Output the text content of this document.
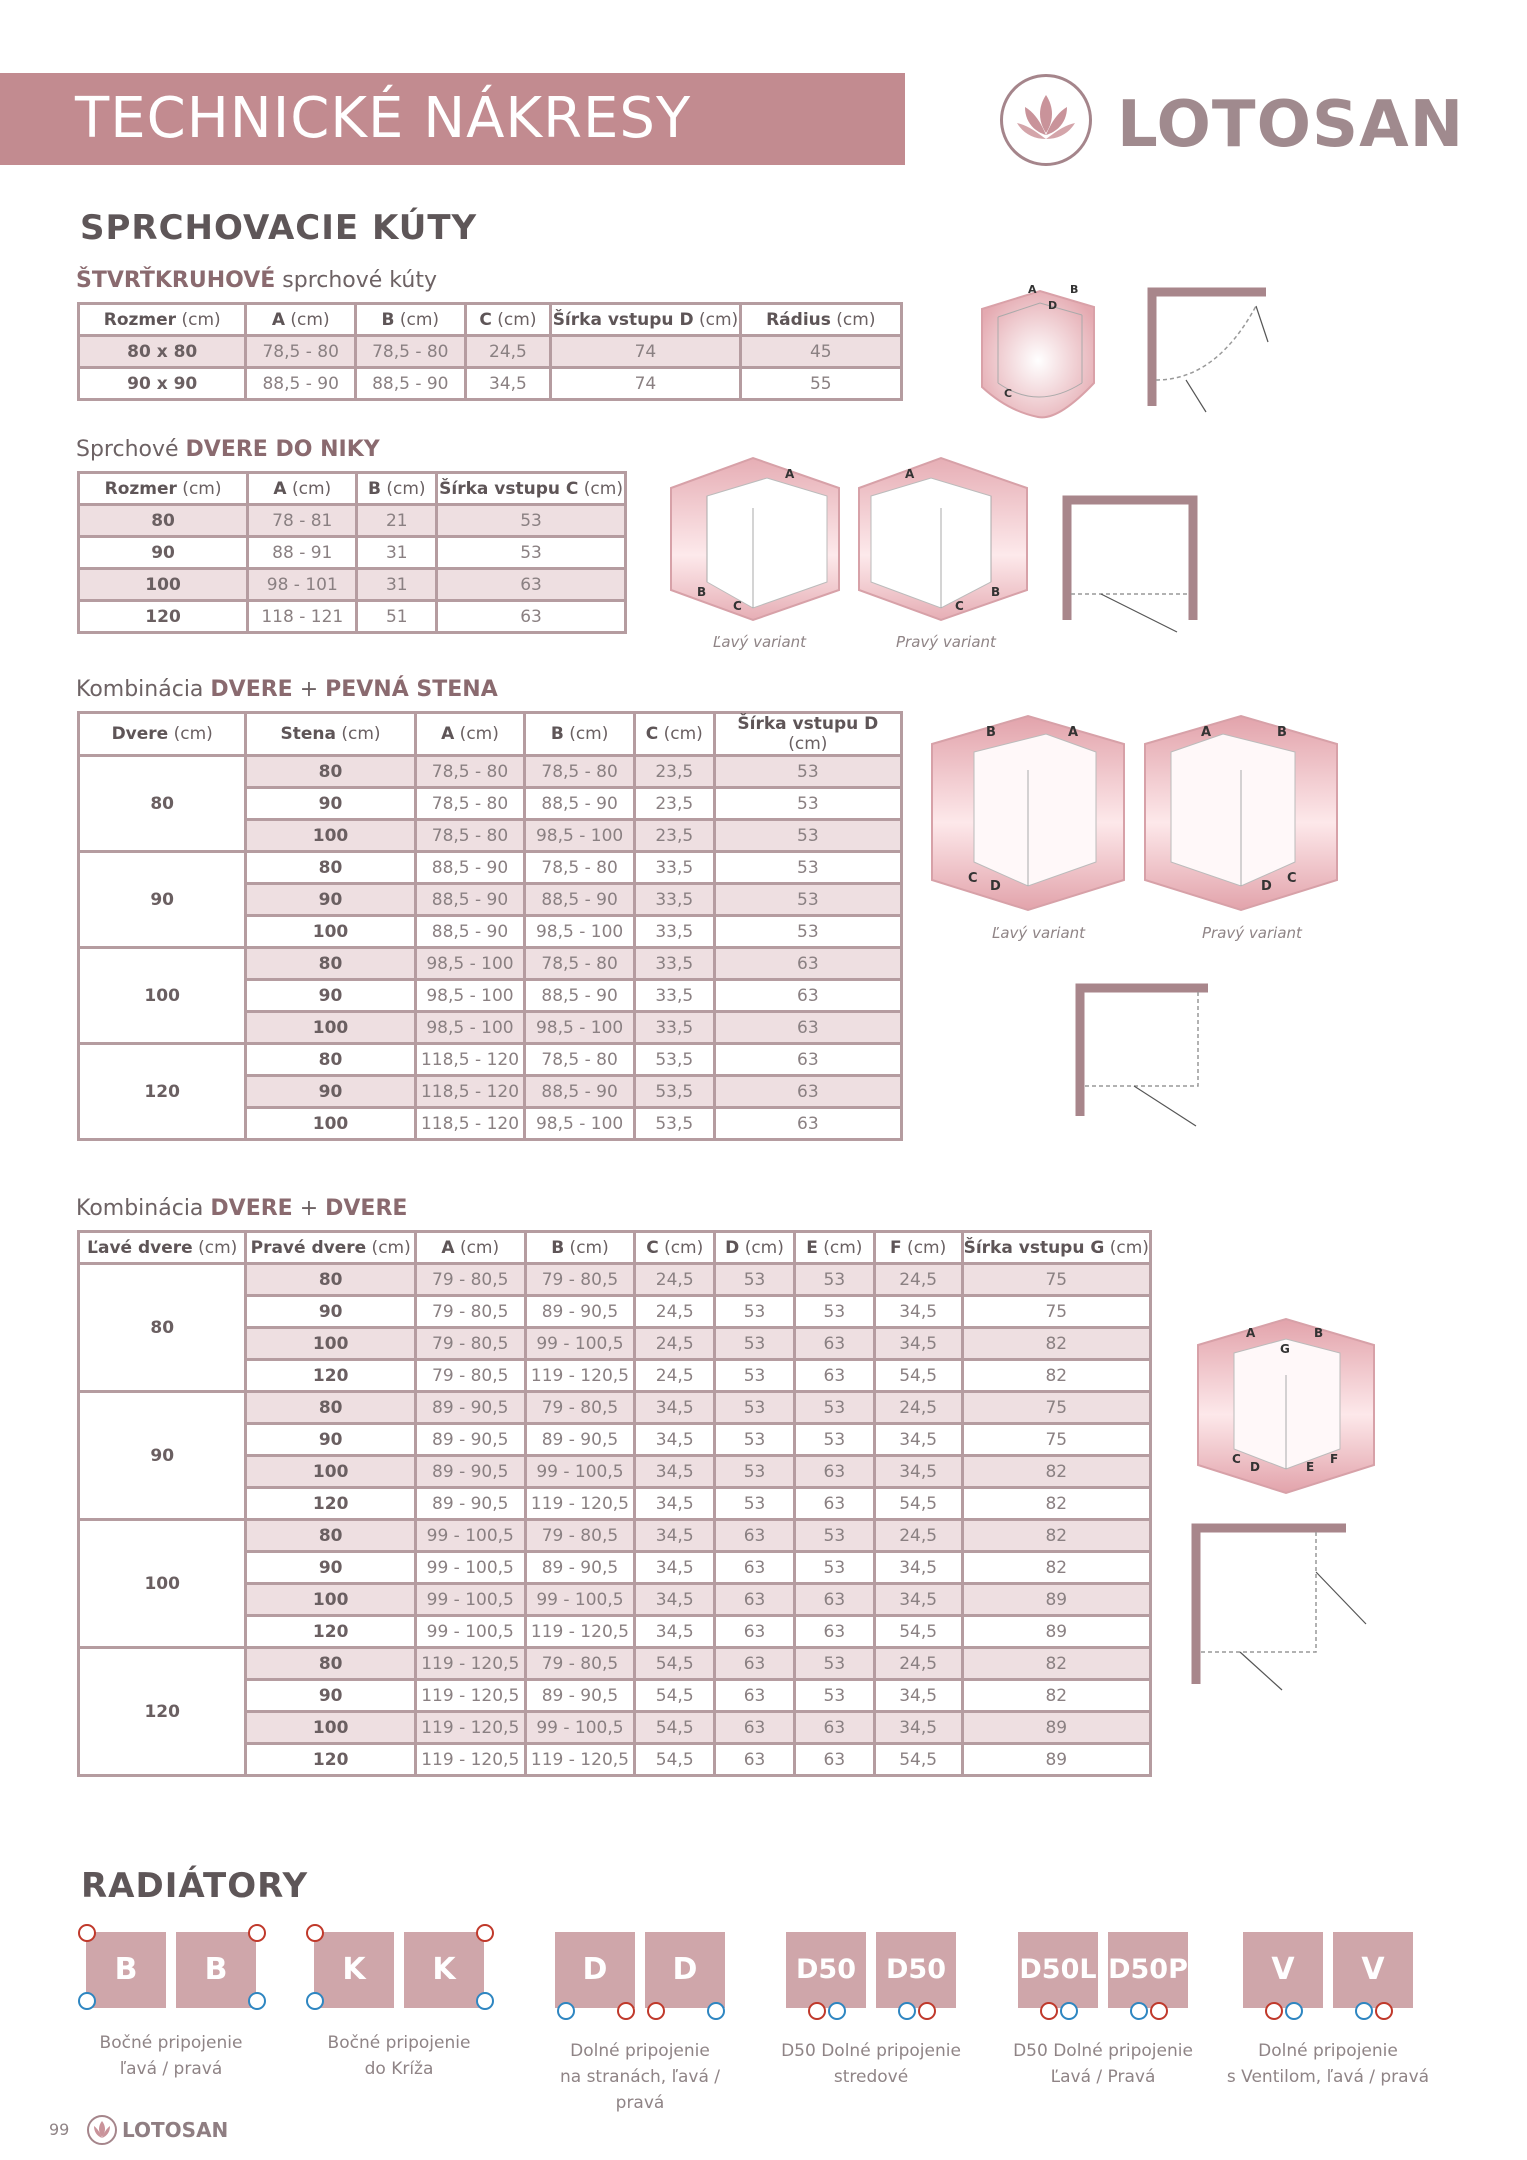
TECHNICKÉ NÁKRESY	LOTOSAN
SPRCHOVACIE KÚTY
ŠTVRŤKRUHOVÉ sprchové kúty
Rozmer (cm)	A (cm)	B (cm)	C (cm)	Šírka vstupu D (cm)	Rádius (cm)
80 x 80	78,5 - 80	78,5 - 80	24,5	74	45
90 x 90	88,5 - 90	88,5 - 90	34,5	74	55
A	B
D
C
Sprchové DVERE DO NIKY
Rozmer (cm)	A (cm)	B (cm)	Šírka vstupu C (cm)
80	78 - 81	21	53
90	88 - 91	31	53
100	98 - 101	31	63
120	118 - 121	51	63
A
B
C
A
C
B
Ľavý variant	Pravý variant
Kombinácia DVERE + PEVNÁ STENA
Dvere (cm)	Stena (cm)	A (cm)	B (cm)	C (cm)	Šírka vstupu D (cm)
80	80	78,5 - 80	78,5 - 80	23,5	53
	90	78,5 - 80	88,5 - 90	23,5	53
	100	78,5 - 80	98,5 - 100	23,5	53
90	80	88,5 - 90	78,5 - 80	33,5	53
	90	88,5 - 90	88,5 - 90	33,5	53
	100	88,5 - 90	98,5 - 100	33,5	53
100	80	98,5 - 100	78,5 - 80	33,5	63
	90	98,5 - 100	88,5 - 90	33,5	63
	100	98,5 - 100	98,5 - 100	33,5	63
120	80	118,5 - 120	78,5 - 80	53,5	63
	90	118,5 - 120	88,5 - 90	53,5	63
	100	118,5 - 120	98,5 - 100	53,5	63
B	A
C
D
A	B
D
C
Ľavý variant	Pravý variant
Kombinácia DVERE + DVERE
Ľavé dvere (cm)	Pravé dvere (cm)	A (cm)	B (cm)	C (cm)	D (cm)	E (cm)	F (cm)	Šírka vstupu G (cm)
80	80	79 - 80,5	79 - 80,5	24,5	53	53	24,5	75
	90	79 - 80,5	89 - 90,5	24,5	53	53	34,5	75
	100	79 - 80,5	99 - 100,5	24,5	53	63	34,5	82
	120	79 - 80,5	119 - 120,5	24,5	53	63	54,5	82
90	80	89 - 90,5	79 - 80,5	34,5	53	53	24,5	75
	90	89 - 90,5	89 - 90,5	34,5	53	53	34,5	75
	100	89 - 90,5	99 - 100,5	34,5	53	63	34,5	82
	120	89 - 90,5	119 - 120,5	34,5	53	63	54,5	82
100	80	99 - 100,5	79 - 80,5	34,5	63	53	24,5	82
	90	99 - 100,5	89 - 90,5	34,5	63	53	34,5	82
	100	99 - 100,5	99 - 100,5	34,5	63	63	34,5	89
	120	99 - 100,5	119 - 120,5	34,5	63	63	54,5	89
120	80	119 - 120,5	79 - 80,5	54,5	63	53	24,5	82
	90	119 - 120,5	89 - 90,5	54,5	63	53	34,5	82
	100	119 - 120,5	99 - 100,5	54,5	63	63	34,5	89
	120	119 - 120,5	119 - 120,5	54,5	63	63	54,5	89
A	B
G
C
D	E
F
RADIÁTORY
B	B
Bočné pripojenie
ľavá / pravá
K	K
Bočné pripojenie
do Kríža
D	D
Dolné pripojenie
na stranách, ľavá / pravá
D50	D50
D50 Dolné pripojenie
stredové
D50L D50P
D50 Dolné pripojenie
Ľavá / Pravá
V	V
Dolné pripojenie
s Ventilom, ľavá / pravá
99	LOTOSAN
